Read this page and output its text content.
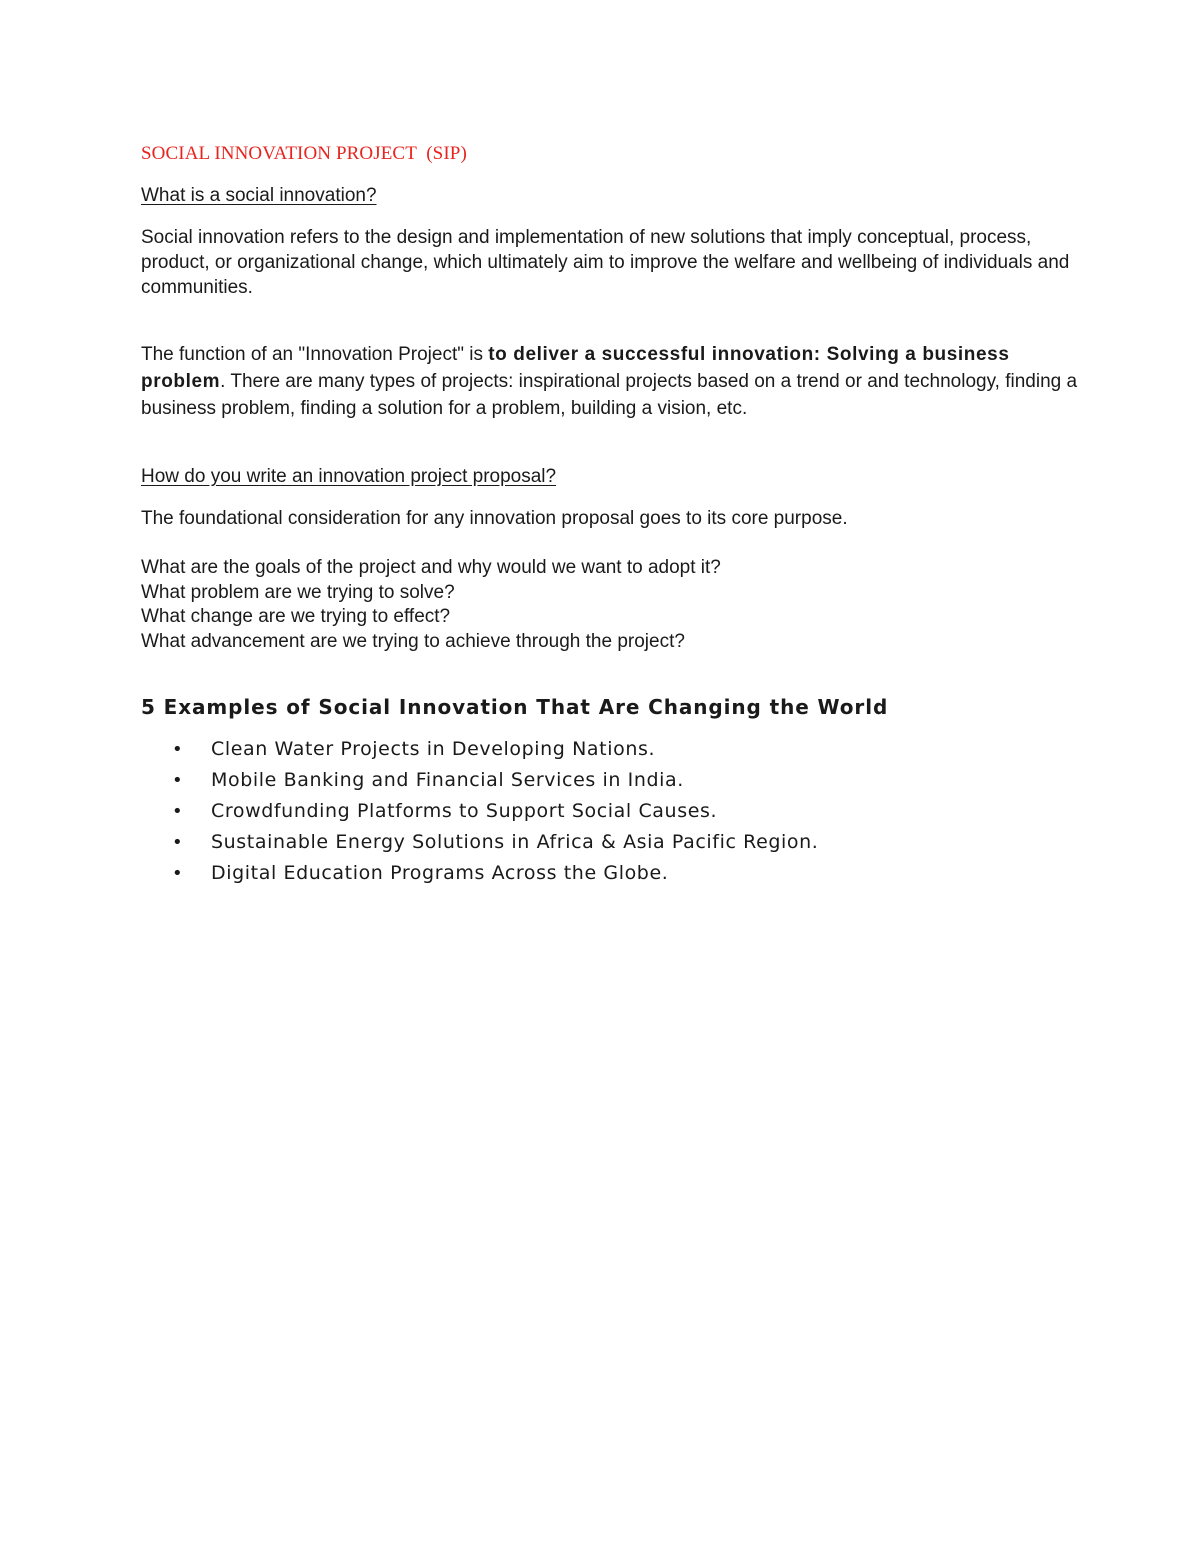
SOCIAL INNOVATION PROJECT  (SIP)
What is a social innovation?
Social innovation refers to the design and implementation of new solutions that imply conceptual, process, product, or organizational change, which ultimately aim to improve the welfare and wellbeing of individuals and communities.
The function of an "Innovation Project" is to deliver a successful innovation: Solving a business problem. There are many types of projects: inspirational projects based on a trend or and technology, finding a business problem, finding a solution for a problem, building a vision, etc.
How do you write an innovation project proposal?
The foundational consideration for any innovation proposal goes to its core purpose.
What are the goals of the project and why would we want to adopt it?
What problem are we trying to solve?
What change are we trying to effect?
What advancement are we trying to achieve through the project?
5 Examples of Social Innovation That Are Changing the World
• Clean Water Projects in Developing Nations.
• Mobile Banking and Financial Services in India.
• Crowdfunding Platforms to Support Social Causes.
• Sustainable Energy Solutions in Africa & Asia Pacific Region.
• Digital Education Programs Across the Globe.
